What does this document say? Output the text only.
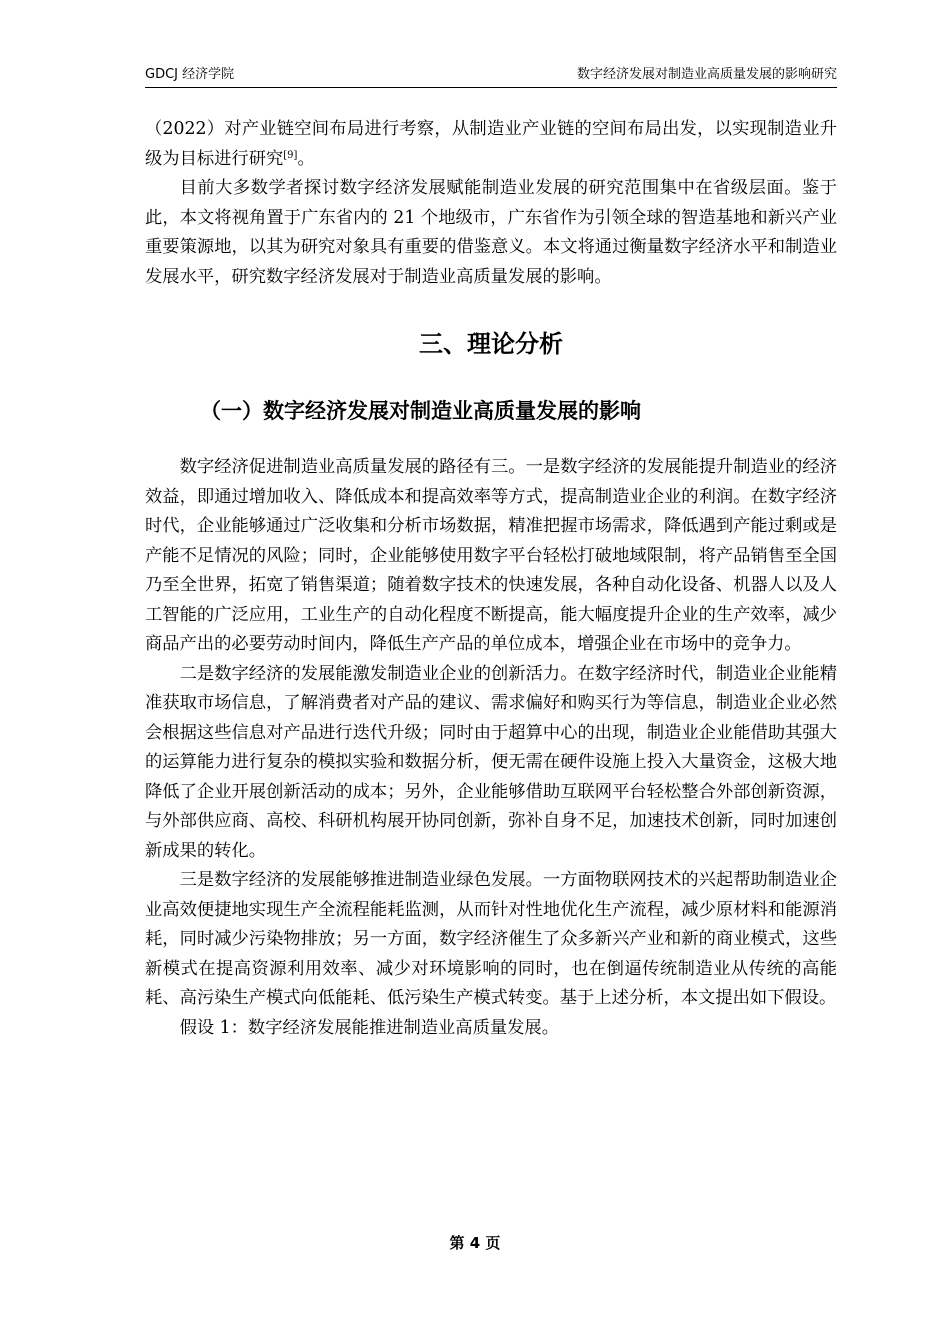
GDCJ 经济学院	数字经济发展对制造业高质量发展的影响研究

（2022）对产业链空间布局进行考察，从制造业产业链的空间布局出发，以实现制造业升级为目标进行研究[9]。

目前大多数学者探讨数字经济发展赋能制造业发展的研究范围集中在省级层面。鉴于此，本文将视角置于广东省内的 21 个地级市，广东省作为引领全球的智造基地和新兴产业重要策源地，以其为研究对象具有重要的借鉴意义。本文将通过衡量数字经济水平和制造业发展水平，研究数字经济发展对于制造业高质量发展的影响。

三、理论分析
（一）数字经济发展对制造业高质量发展的影响

数字经济促进制造业高质量发展的路径有三。一是数字经济的发展能提升制造业的经济效益，即通过增加收入、降低成本和提高效率等方式，提高制造业企业的利润。在数字经济时代，企业能够通过广泛收集和分析市场数据，精准把握市场需求，降低遇到产能过剩或是产能不足情况的风险；同时，企业能够使用数字平台轻松打破地域限制，将产品销售至全国乃至全世界，拓宽了销售渠道；随着数字技术的快速发展，各种自动化设备、机器人以及人工智能的广泛应用，工业生产的自动化程度不断提高，能大幅度提升企业的生产效率，减少商品产出的必要劳动时间内，降低生产产品的单位成本，增强企业在市场中的竞争力。

二是数字经济的发展能激发制造业企业的创新活力。在数字经济时代，制造业企业能精准获取市场信息，了解消费者对产品的建议、需求偏好和购买行为等信息，制造业企业必然会根据这些信息对产品进行迭代升级；同时由于超算中心的出现，制造业企业能借助其强大的运算能力进行复杂的模拟实验和数据分析，便无需在硬件设施上投入大量资金，这极大地降低了企业开展创新活动的成本；另外，企业能够借助互联网平台轻松整合外部创新资源，与外部供应商、高校、科研机构展开协同创新，弥补自身不足，加速技术创新，同时加速创新成果的转化。

三是数字经济的发展能够推进制造业绿色发展。一方面物联网技术的兴起帮助制造业企业高效便捷地实现生产全流程能耗监测，从而针对性地优化生产流程，减少原材料和能源消耗，同时减少污染物排放；另一方面，数字经济催生了众多新兴产业和新的商业模式，这些新模式在提高资源利用效率、减少对环境影响的同时，也在倒逼传统制造业从传统的高能耗、高污染生产模式向低能耗、低污染生产模式转变。基于上述分析，本文提出如下假设。

假设 1：数字经济发展能推进制造业高质量发展。

第 4 页
